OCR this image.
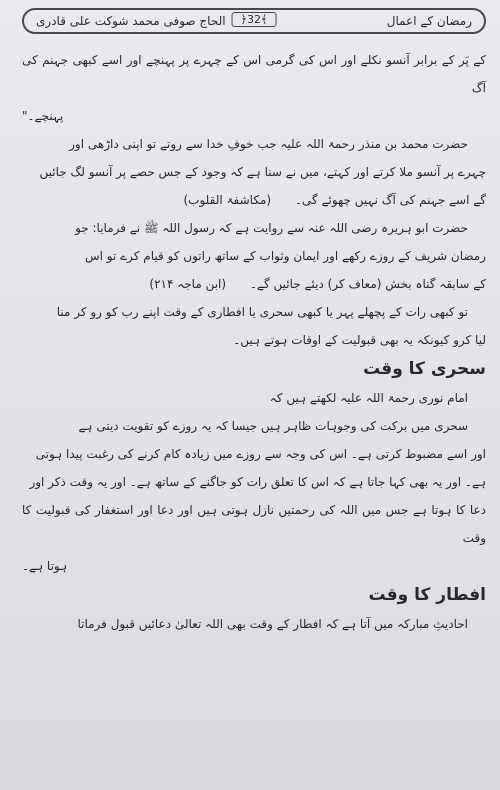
رمضان کے اعمال
﴿32﴾
الحاج صوفی محمد شوکت علی قادری

کے پَر کے برابر آنسو نکلے اور اس کی گرمی اس کے چہرے پر پہنچے اور اسے کبھی جہنم کی آگ

پہنچے۔"

حضرت محمد بن منذر رحمۃ اللہ علیہ جب خوفِ خدا سے روتے تو اپنی داڑھی اور

چہرے پر آنسو ملا کرتے اور کہتے، میں نے سنا ہے کہ وجود کے جس حصے پر آنسو لگ جائیں

گے اسے جہنم کی آگ نہیں چھوئے گی۔ (مکاشفۃ القلوب)

حضرت ابو ہریرہ رضی اللہ عنہ سے روایت ہے کہ رسول اللہ ﷺ نے فرمایا: جو

رمضان شریف کے روزے رکھے اور ایمان وثواب کے ساتھ راتوں کو قیام کرے تو اس

کے سابقہ گناہ بخش (معاف کر) دیئے جائیں گے۔ (ابن ماجہ ۲۱۴)

تو کبھی رات کے پچھلے پہر یا کبھی سحری یا افطاری کے وقت اپنے رب کو رو کر منا

لیا کرو کیونکہ یہ بھی قبولیت کے اوقات ہوتے ہیں۔

سحری کا وقت

امام نوری رحمۃ اللہ علیہ لکھتے ہیں کہ

سحری میں برکت کی وجوہات ظاہر ہیں جیسا کہ یہ روزے کو تقویت دیتی ہے

اور اسے مضبوط کرتی ہے۔ اس کی وجہ سے روزے میں زیادہ کام کرنے کی رغبت پیدا ہوتی

ہے۔ اور یہ بھی کہا جاتا ہے کہ اس کا تعلق رات کو جاگنے کے ساتھ ہے۔ اور یہ وقت ذکر اور

دعا کا ہوتا ہے جس میں اللہ کی رحمتیں نازل ہوتی ہیں اور دعا اور استغفار کی قبولیت کا وقت

ہوتا ہے۔

افطار کا وقت

احادیثِ مبارکہ میں آتا ہے کہ افطار کے وقت بھی اللہ تعالیٰ دعائیں قبول فرماتا
